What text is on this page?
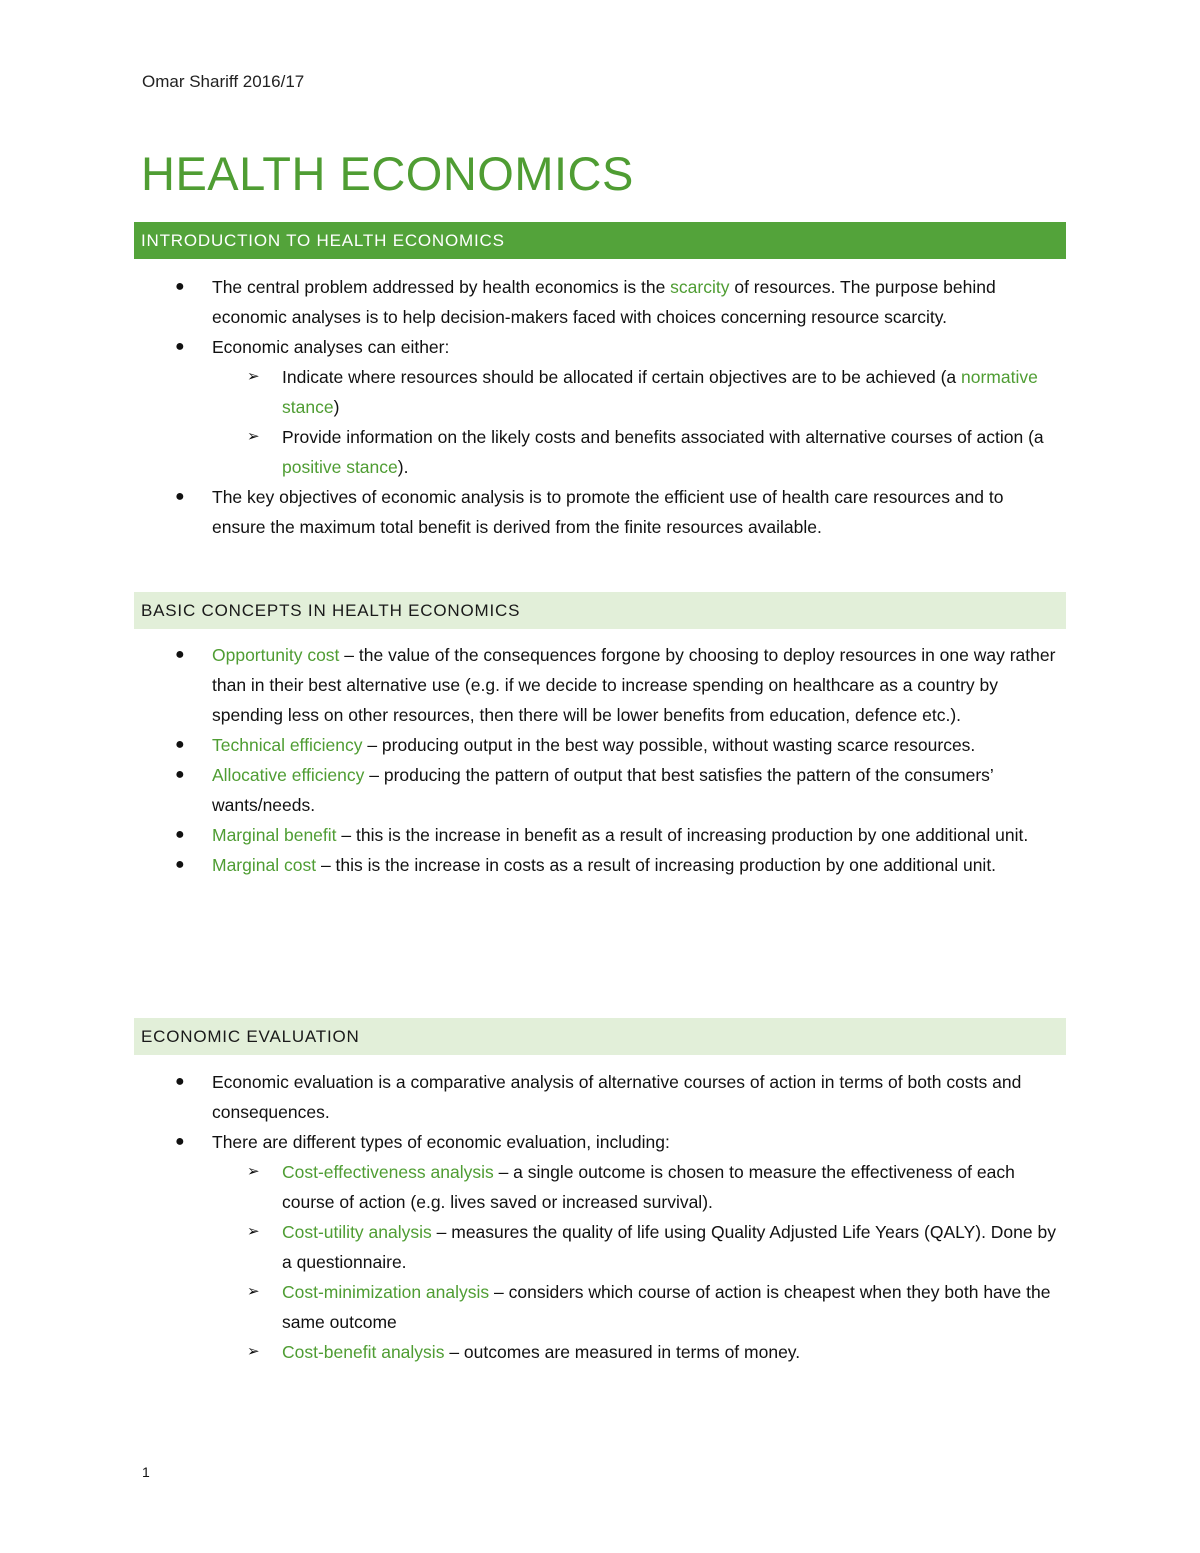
Omar Shariff 2016/17
HEALTH ECONOMICS
INTRODUCTION TO HEALTH ECONOMICS
● The central problem addressed by health economics is the scarcity of resources. The purpose behind economic analyses is to help decision-makers faced with choices concerning resource scarcity.
● Economic analyses can either:
➢ Indicate where resources should be allocated if certain objectives are to be achieved (a normative stance)
➢ Provide information on the likely costs and benefits associated with alternative courses of action (a positive stance).
● The key objectives of economic analysis is to promote the efficient use of health care resources and to ensure the maximum total benefit is derived from the finite resources available.
BASIC CONCEPTS IN HEALTH ECONOMICS
● Opportunity cost – the value of the consequences forgone by choosing to deploy resources in one way rather than in their best alternative use (e.g. if we decide to increase spending on healthcare as a country by spending less on other resources, then there will be lower benefits from education, defence etc.).
● Technical efficiency – producing output in the best way possible, without wasting scarce resources.
● Allocative efficiency – producing the pattern of output that best satisfies the pattern of the consumers’ wants/needs.
● Marginal benefit – this is the increase in benefit as a result of increasing production by one additional unit.
● Marginal cost – this is the increase in costs as a result of increasing production by one additional unit.
ECONOMIC EVALUATION
● Economic evaluation is a comparative analysis of alternative courses of action in terms of both costs and consequences.
● There are different types of economic evaluation, including:
➢ Cost-effectiveness analysis – a single outcome is chosen to measure the effectiveness of each course of action (e.g. lives saved or increased survival).
➢ Cost-utility analysis – measures the quality of life using Quality Adjusted Life Years (QALY). Done by a questionnaire.
➢ Cost-minimization analysis – considers which course of action is cheapest when they both have the same outcome
➢ Cost-benefit analysis – outcomes are measured in terms of money.
1
